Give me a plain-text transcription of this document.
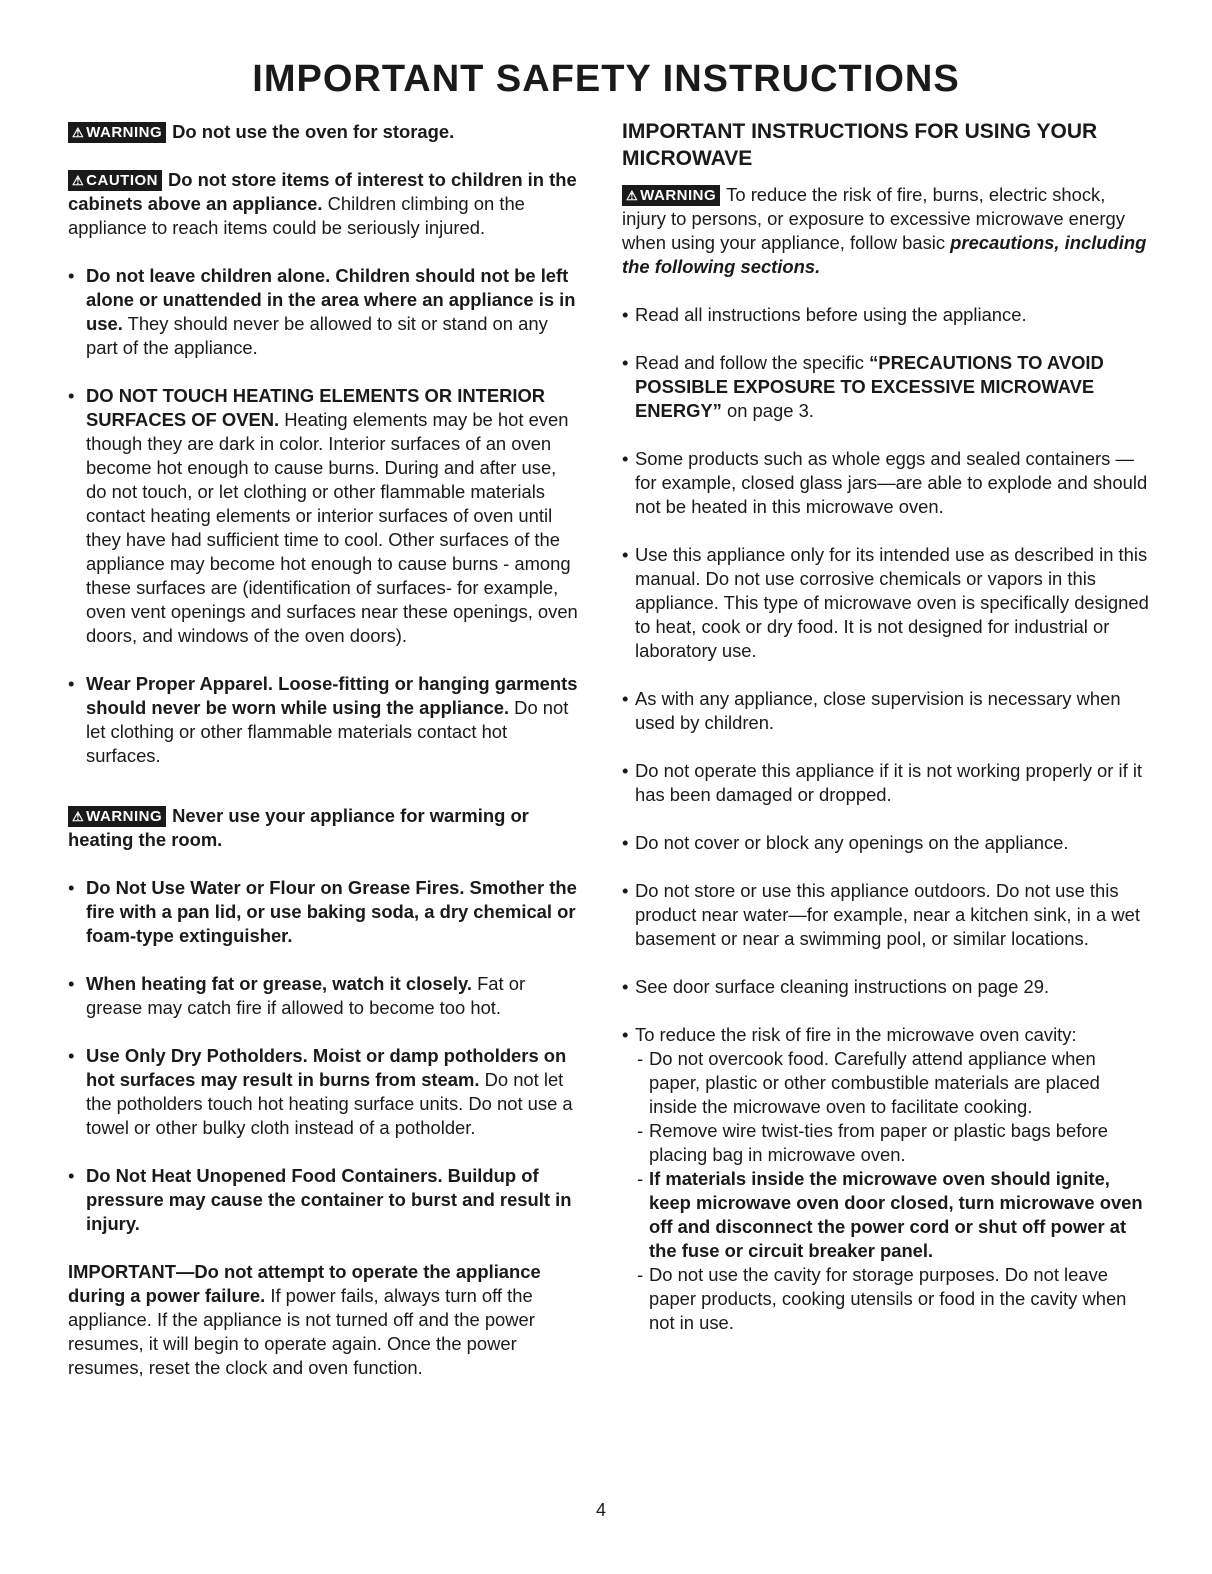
IMPORTANT SAFETY INSTRUCTIONS

⚠ WARNING Do not use the oven for storage.

⚠ CAUTION Do not store items of interest to children in the cabinets above an appliance. Children climbing on the appliance to reach items could be seriously injured.

• Do not leave children alone. Children should not be left alone or unattended in the area where an appliance is in use. They should never be allowed to sit or stand on any part of the appliance.
• DO NOT TOUCH HEATING ELEMENTS OR INTERIOR SURFACES OF OVEN. Heating elements may be hot even though they are dark in color. Interior surfaces of an oven become hot enough to cause burns. During and after use, do not touch, or let clothing or other flammable materials contact heating elements or interior surfaces of oven until they have had sufficient time to cool. Other surfaces of the appliance may become hot enough to cause burns - among these surfaces are (identification of surfaces- for example, oven vent openings and surfaces near these openings, oven doors, and windows of the oven doors).
• Wear Proper Apparel. Loose-fitting or hanging garments should never be worn while using the appliance. Do not let clothing or other flammable materials contact hot surfaces.

⚠ WARNING Never use your appliance for warming or heating the room.

• Do Not Use Water or Flour on Grease Fires. Smother the fire with a pan lid, or use baking soda, a dry chemical or foam-type extinguisher.
• When heating fat or grease, watch it closely. Fat or grease may catch fire if allowed to become too hot.
• Use Only Dry Potholders. Moist or damp potholders on hot surfaces may result in burns from steam. Do not let the potholders touch hot heating surface units. Do not use a towel or other bulky cloth instead of a potholder.
• Do Not Heat Unopened Food Containers. Buildup of pressure may cause the container to burst and result in injury.

IMPORTANT—Do not attempt to operate the appliance during a power failure. If power fails, always turn off the appliance. If the appliance is not turned off and the power resumes, it will begin to operate again. Once the power resumes, reset the clock and oven function.

IMPORTANT INSTRUCTIONS FOR USING YOUR MICROWAVE

⚠ WARNING To reduce the risk of fire, burns, electric shock, injury to persons, or exposure to excessive microwave energy when using your appliance, follow basic precautions, including the following sections.

• Read all instructions before using the appliance.
• Read and follow the specific “PRECAUTIONS TO AVOID POSSIBLE EXPOSURE TO EXCESSIVE MICROWAVE ENERGY” on page 3.
• Some products such as whole eggs and sealed containers —for example, closed glass jars—are able to explode and should not be heated in this microwave oven.
• Use this appliance only for its intended use as described in this manual. Do not use corrosive chemicals or vapors in this appliance. This type of microwave oven is specifically designed to heat, cook or dry food. It is not designed for industrial or laboratory use.
• As with any appliance, close supervision is necessary when used by children.
• Do not operate this appliance if it is not working properly or if it has been damaged or dropped.
• Do not cover or block any openings on the appliance.
• Do not store or use this appliance outdoors. Do not use this product near water—for example, near a kitchen sink, in a wet basement or near a swimming pool, or similar locations.
• See door surface cleaning instructions on page 29.
• To reduce the risk of fire in the microwave oven cavity:
- Do not overcook food. Carefully attend appliance when paper, plastic or other combustible materials are placed inside the microwave oven to facilitate cooking.
- Remove wire twist-ties from paper or plastic bags before placing bag in microwave oven.
- If materials inside the microwave oven should ignite, keep microwave oven door closed, turn microwave oven off and disconnect the power cord or shut off power at the fuse or circuit breaker panel.
- Do not use the cavity for storage purposes. Do not leave paper products, cooking utensils or food in the cavity when not in use.
4
